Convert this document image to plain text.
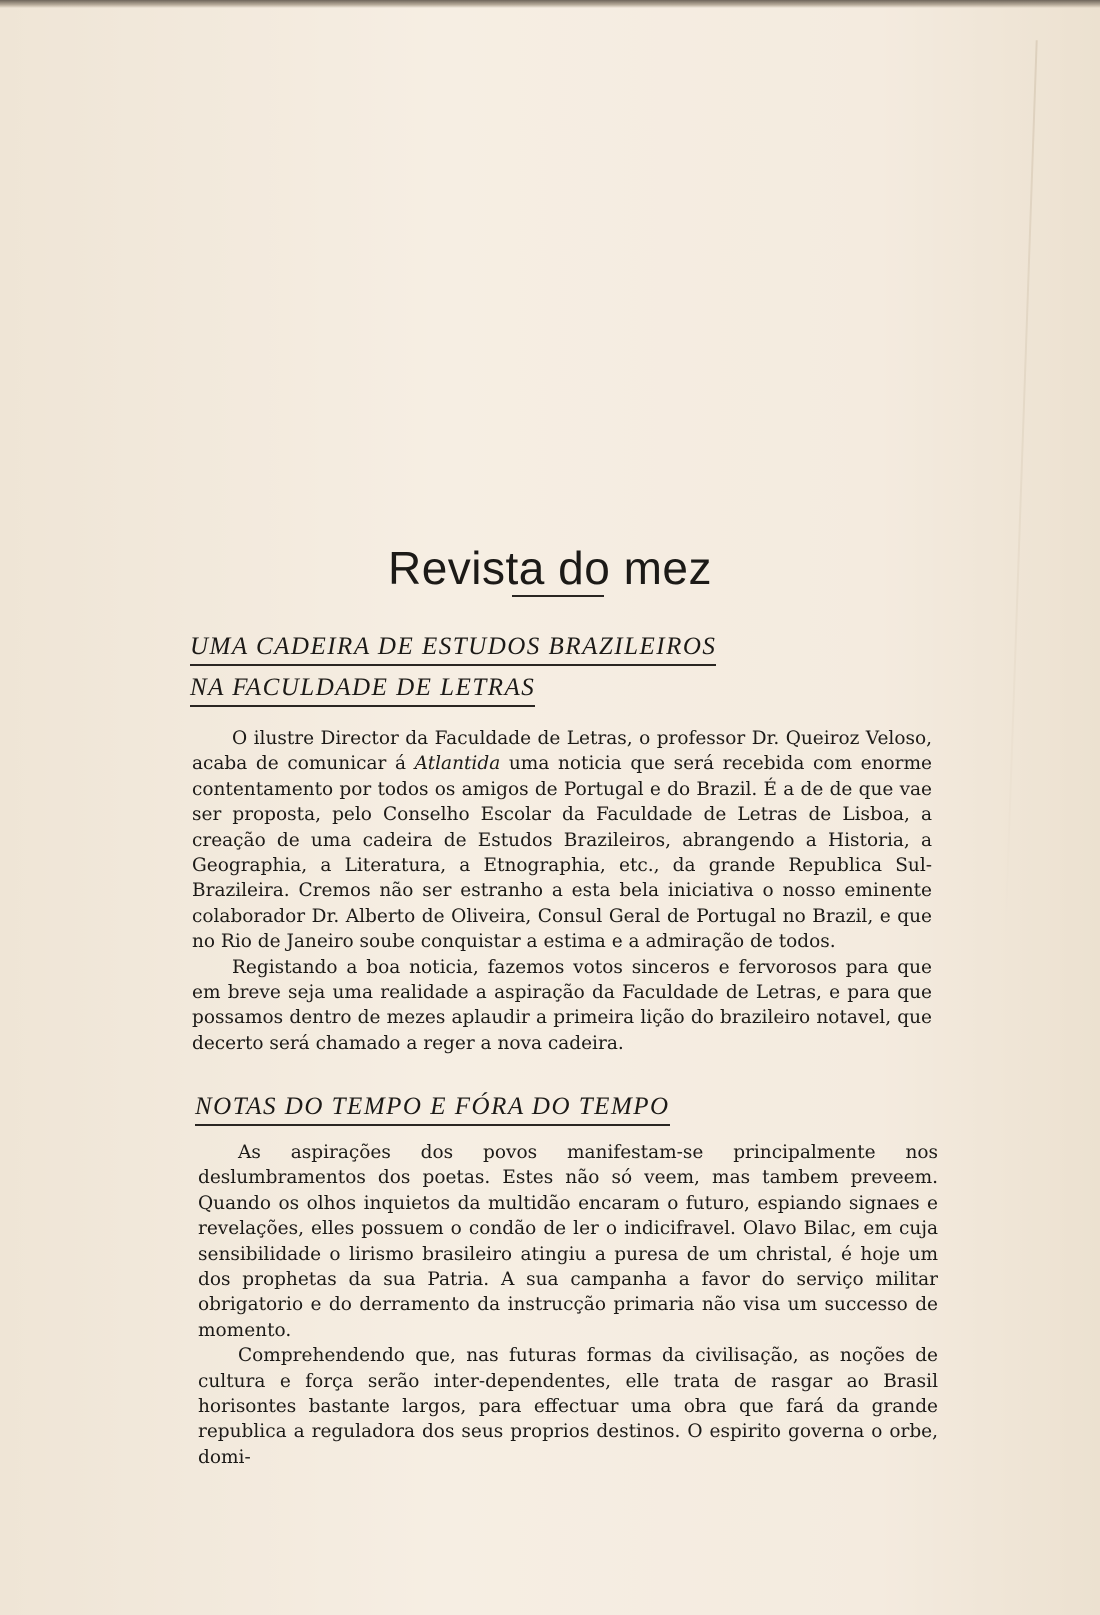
Revista do mez
UMA CADEIRA DE ESTUDOS BRAZILEIROS
NA FACULDADE DE LETRAS

O ilustre Director da Faculdade de Letras, o professor Dr. Queiroz Veloso, acaba de comunicar á Atlantida uma noticia que será recebida com enorme contentamento por todos os amigos de Portugal e do Brazil. É a de de que vae ser proposta, pelo Conselho Escolar da Faculdade de Letras de Lisboa, a creação de uma cadeira de Estudos Brazileiros, abrangendo a Historia, a Geographia, a Literatura, a Etnographia, etc., da grande Republica Sul-Brazileira. Cremos não ser estranho a esta bela iniciativa o nosso eminente colaborador Dr. Alberto de Oliveira, Consul Geral de Portugal no Brazil, e que no Rio de Janeiro soube conquistar a estima e a admiração de todos.

Registando a boa noticia, fazemos votos sinceros e fervorosos para que em breve seja uma realidade a aspiração da Faculdade de Letras, e para que possamos dentro de mezes aplaudir a primeira lição do brazileiro notavel, que decerto será chamado a reger a nova cadeira.

NOTAS DO TEMPO E FÓRA DO TEMPO

As aspirações dos povos manifestam-se principalmente nos deslumbramentos dos poetas. Estes não só veem, mas tambem preveem. Quando os olhos inquietos da multidão encaram o futuro, espiando signaes e revelações, elles possuem o condão de ler o indicifravel. Olavo Bilac, em cuja sensibilidade o lirismo brasileiro atingiu a puresa de um christal, é hoje um dos prophetas da sua Patria. A sua campanha a favor do serviço militar obrigatorio e do derramento da instrucção primaria não visa um successo de momento.

Comprehendendo que, nas futuras formas da civilisação, as noções de cultura e força serão inter-dependentes, elle trata de rasgar ao Brasil horisontes bastante largos, para effectuar uma obra que fará da grande republica a reguladora dos seus proprios destinos. O espirito governa o orbe, domi-
